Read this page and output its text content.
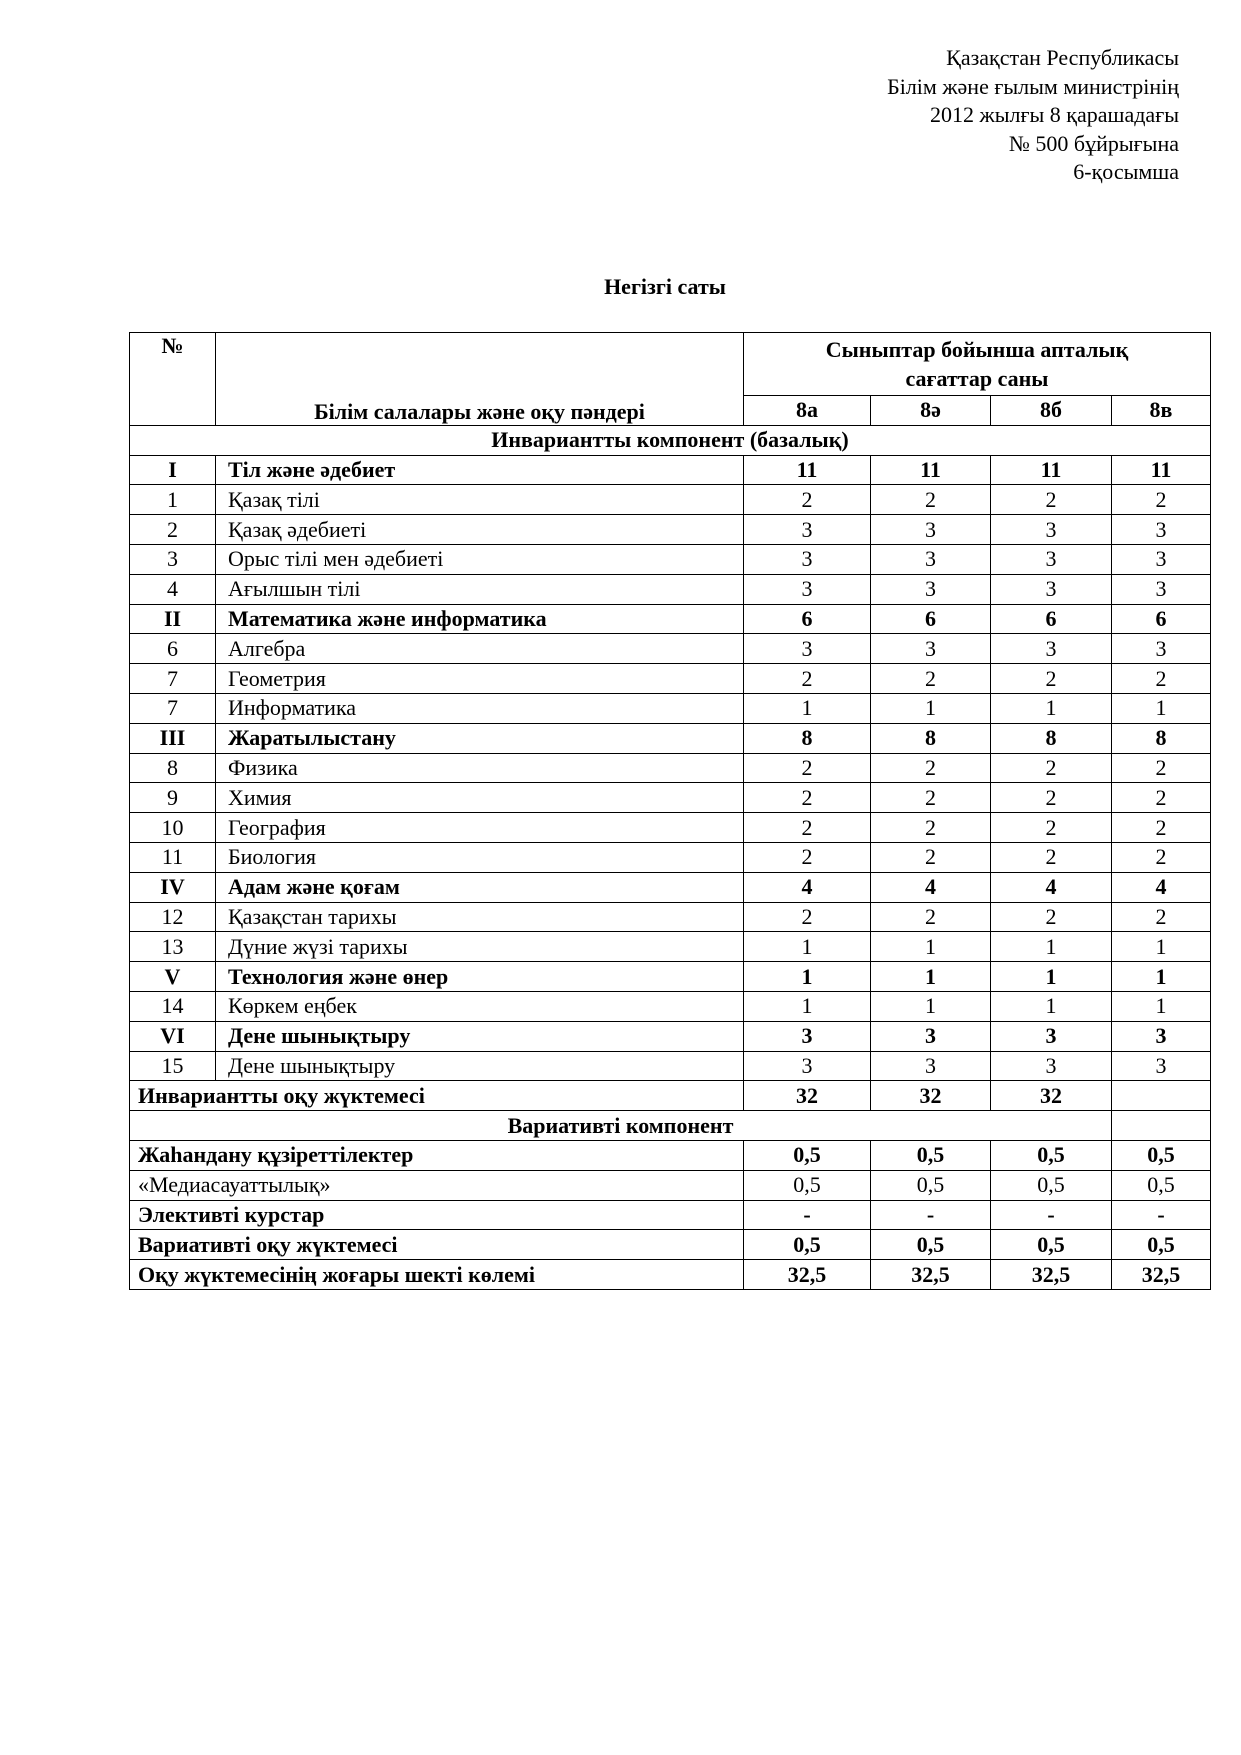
Қазақстан Республикасы
Білім және ғылым министрінің
2012 жылғы 8 қарашадағы
№ 500 бұйрығына
6-қосымша
Негізгі саты
№	Білім салалары және оқу пәндері	Сыныптар бойынша апталық сағаттар саны			
		8а	8ә	8б	8в
Инвариантты компонент (базалық)					
I	Тіл және әдебиет	11	11	11	11
1	Қазақ тілі	2	2	2	2
2	Қазақ әдебиеті	3	3	3	3
3	Орыс тілі мен әдебиеті	3	3	3	3
4	Ағылшын тілі	3	3	3	3
II	Математика және информатика	6	6	6	6
6	Алгебра	3	3	3	3
7	Геометрия	2	2	2	2
7	Информатика	1	1	1	1
III	Жаратылыстану	8	8	8	8
8	Физика	2	2	2	2
9	Химия	2	2	2	2
10	География	2	2	2	2
11	Биология	2	2	2	2
IV	Адам және қоғам	4	4	4	4
12	Қазақстан тарихы	2	2	2	2
13	Дүние жүзі тарихы	1	1	1	1
V	Технология және өнер	1	1	1	1
14	Көркем еңбек	1	1	1	1
VI	Дене шынықтыру	3	3	3	3
15	Дене шынықтыру	3	3	3	3
Инвариантты оқу жүктемесі		32	32	32	
Вариативті компонент					
Жаһандану құзіреттілектер		0,5	0,5	0,5	0,5
«Медиасауаттылық»		0,5	0,5	0,5	0,5
Элективті курстар		-	-	-	-
Вариативті оқу жүктемесі		0,5	0,5	0,5	0,5
Оқу жүктемесінің жоғары шекті көлемі		32,5	32,5	32,5	32,5
